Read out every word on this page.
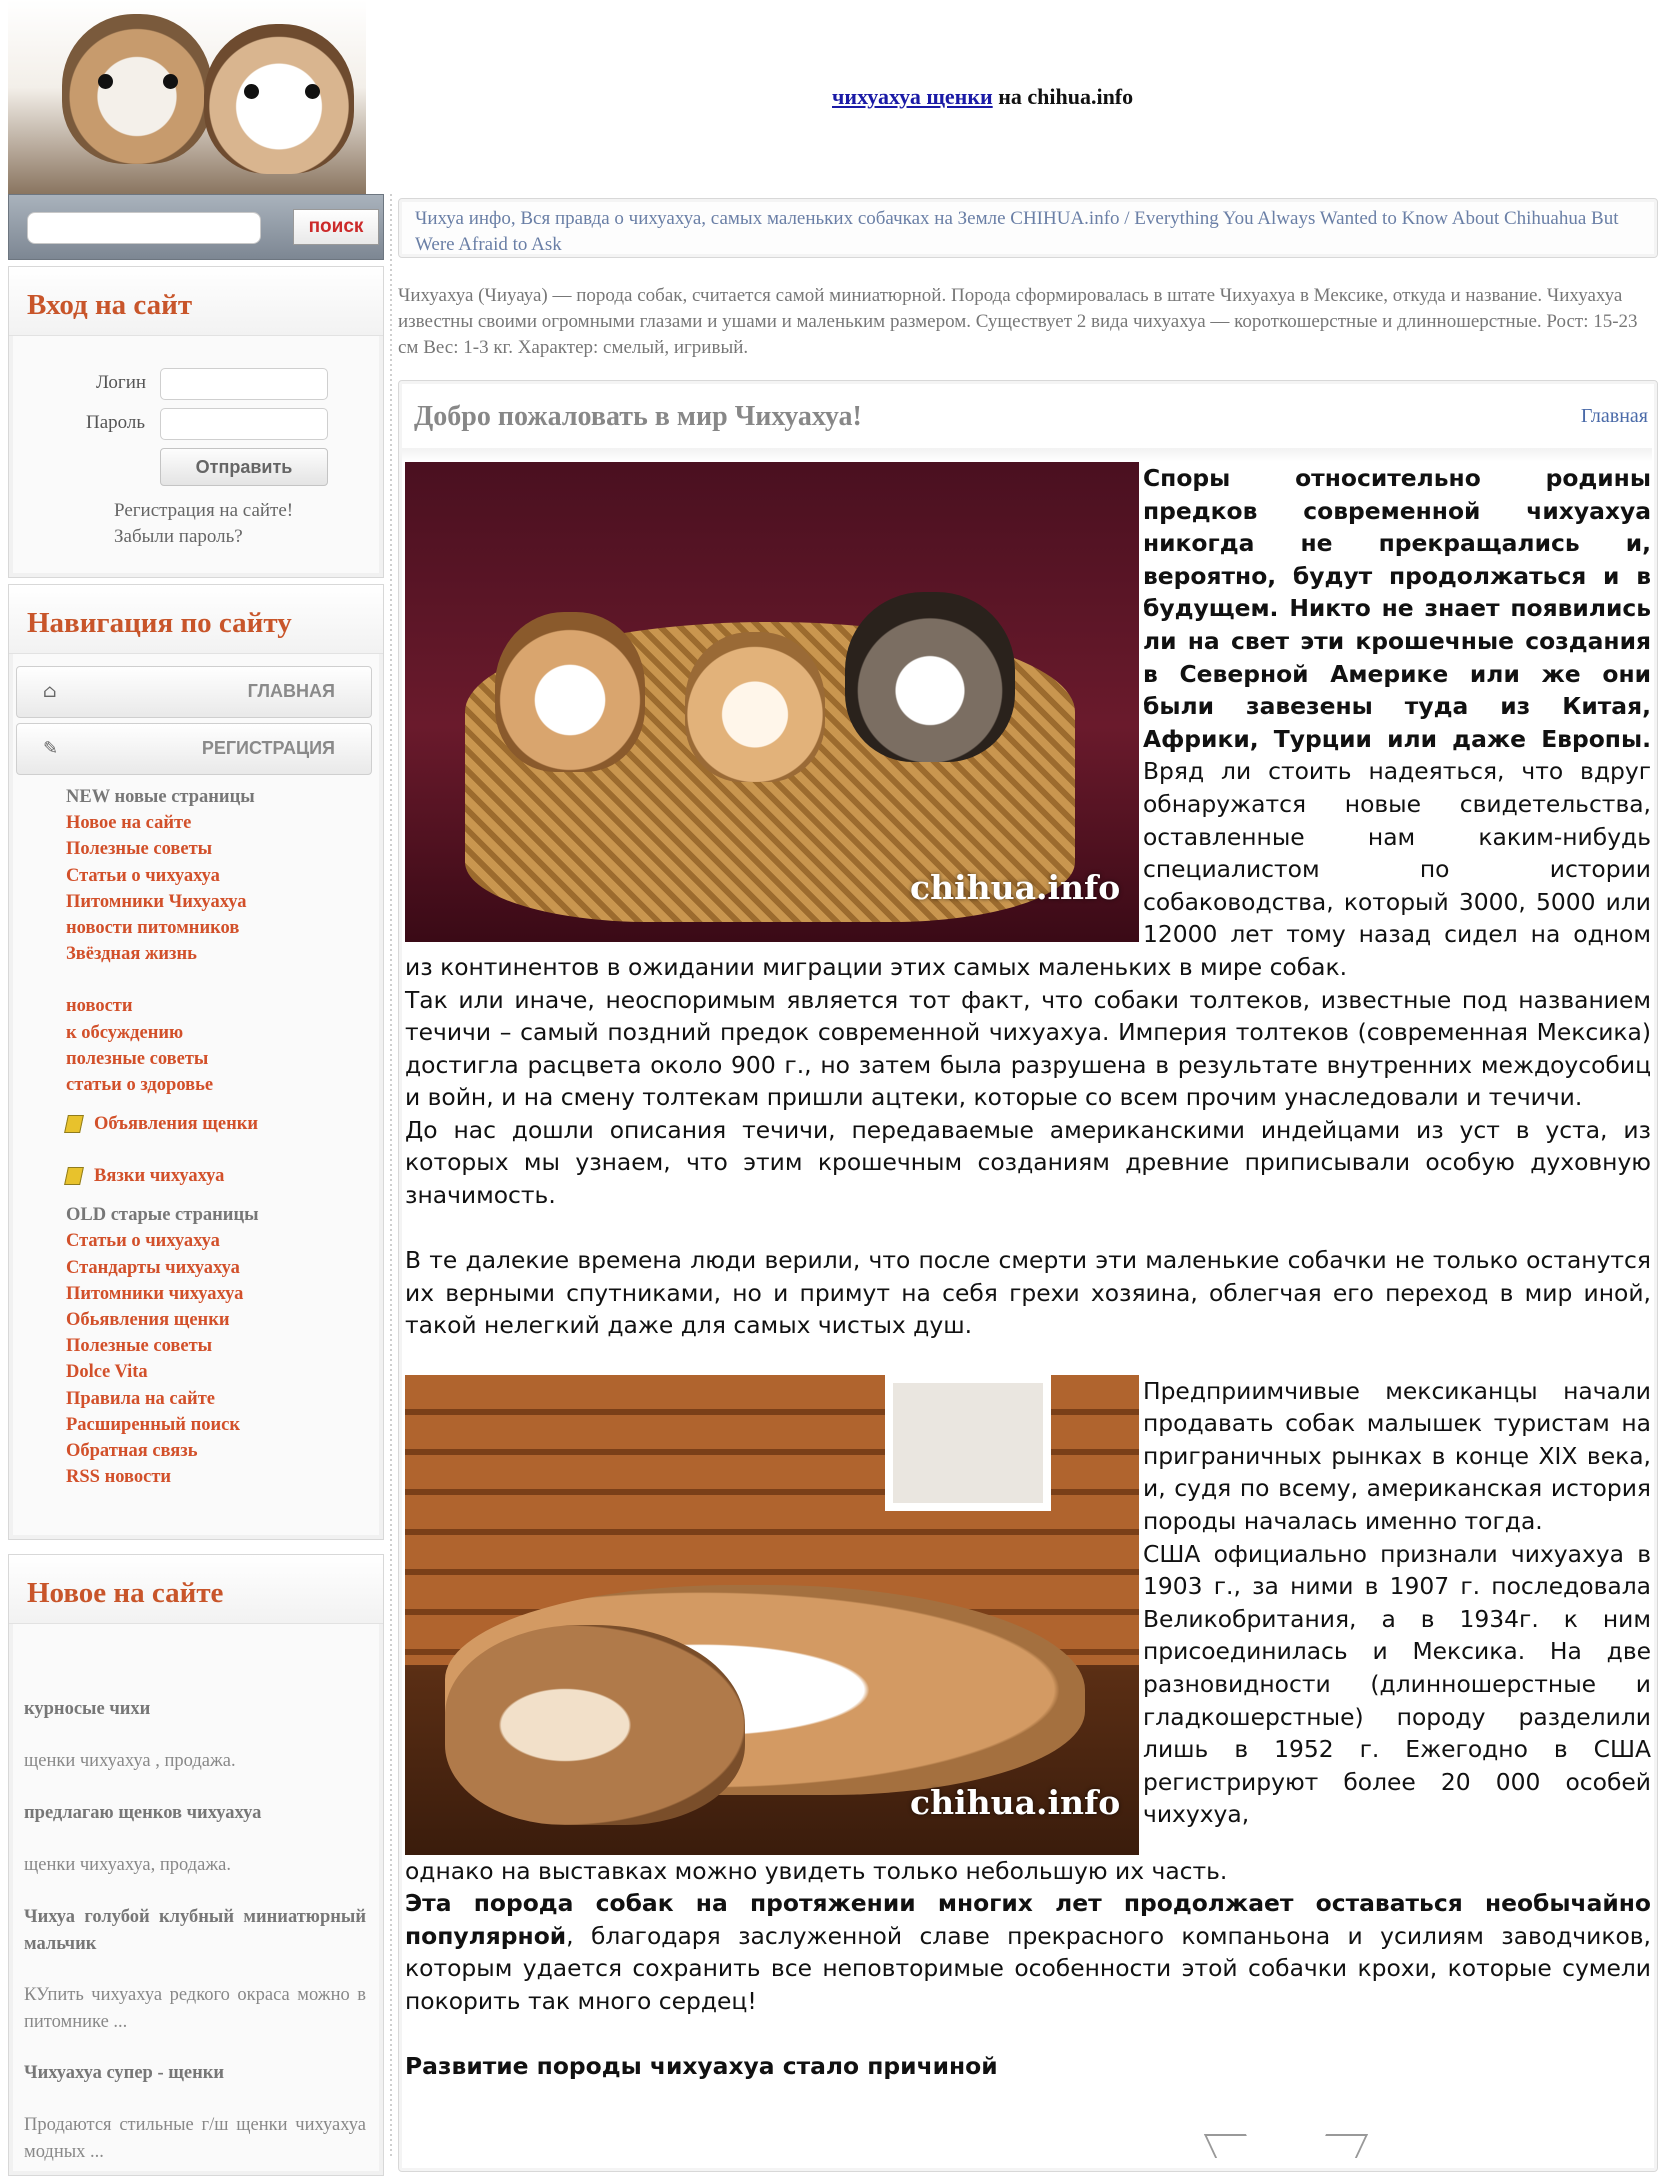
чихуахуа щенки на chihua.info
поиск
Вход на сайт
Логин
Пароль
Отправить
Регистрация на сайте!
Забыли пароль?
Навигация по сайту
⌂	ГЛАВНАЯ
✎	РЕГИСТРАЦИЯ
NEW новые страницы
Новое на сайте
Полезные советы
Статьи о чихуахуа
Питомники Чихуахуа
новости питомников
Звёздная жизнь
новости
к обсуждению
полезные советы
статьи о здоровье
Объявления щенки
Вязки чихуахуа
OLD старые страницы
Статьи о чихуахуа
Стандарты чихуахуа
Питомники чихуахуа
Обьявления щенки
Полезные советы
Dolce Vita
Правила на сайте
Расширенный поиск
Обратная связь
RSS новости
Новое на сайте
курносые чихи
щенки чихуахуа , продажа.
предлагаю щенков чихуахуа
щенки чихуахуа, продажа.
Чихуа голубой клубный миниатюрный мальчик
КУпить чихуахуа редкого окраса можно в питомнике ...
Чихуахуа супер - щенки
Продаются стильные г/ш щенки чихуахуа модных ...
Чихуа инфо, Вся правда о чихуахуа, самых маленьких собачках на Земле CHIHUA.info / Everything You Always Wanted to Know About Chihuahua But Were Afraid to Ask
Чихуахуа (Чиуауа) — порода собак, считается самой миниатюрной. Порода сформировалась в штате Чихуахуа в Мексике, откуда и название. Чихуахуа известны своими огромными глазами и ушами и маленьким размером. Существует 2 вида чихуахуа — короткошерстные и длинношерстные. Рост: 15-23 см Вес: 1-3 кг. Характер: смелый, игривый.
Добро пожаловать в мир Чихуахуа!	Главная
chihua.info

Споры относительно родины предков современной чихуахуа никогда не прекращались и, вероятно, будут продолжаться и в будущем. Никто не знает появились ли на свет эти крошечные создания в Северной Америке или же они были завезены туда из Китая, Африки, Турции или даже Европы. Вряд ли стоить надеяться, что вдруг обнаружатся новые свидетельства, оставленные нам каким-нибудь специалистом по истории собаководства, который 3000, 5000 или 12000 лет тому назад сидел на одном из континентов в ожидании миграции этих самых маленьких в мире собак.

Так или иначе, неоспоримым является тот факт, что собаки толтеков, известные под названием течичи – самый поздний предок современной чихуахуа. Империя толтеков (современная Мексика) достигла расцвета около 900 г., но затем была разрушена в результате внутренних междоусобиц и войн, и на смену толтекам пришли ацтеки, которые со всем прочим унаследовали и течичи.

До нас дошли описания течичи, передаваемые американскими индейцами из уст в уста, из которых мы узнаем, что этим крошечным созданиям древние приписывали особую духовную значимость.

В те далекие времена люди верили, что после смерти эти маленькие собачки не только останутся их верными спутниками, но и примут на себя грехи хозяина, облегчая его переход в мир иной, такой нелегкий даже для самых чистых душ.

chihua.info

Предприимчивые мексиканцы начали продавать собак малышек туристам на приграничных рынках в конце XIX века, и, судя по всему, американская история породы началась именно тогда.

США официально признали чихуахуа в 1903 г., за ними в 1907 г. последовала Великобритания, а в 1934г. к ним присоединилась и Мексика. На две разновидности (длинношерстные и гладкошерстные) породу разделили лишь в 1952 г. Ежегодно в США регистрируют более 20 000 особей чихуxуа,

однако на выставках можно увидеть только небольшую их часть.

Эта порода собак на протяжении многих лет продолжает оставаться необычайно популярной, благодаря заслуженной славе прекрасного компаньона и усилиям заводчиков, которым удается сохранить все неповторимые особенности этой собачки крохи, которые сумели покорить так много сердец!

Развитие породы чихуахуа стало причиной
